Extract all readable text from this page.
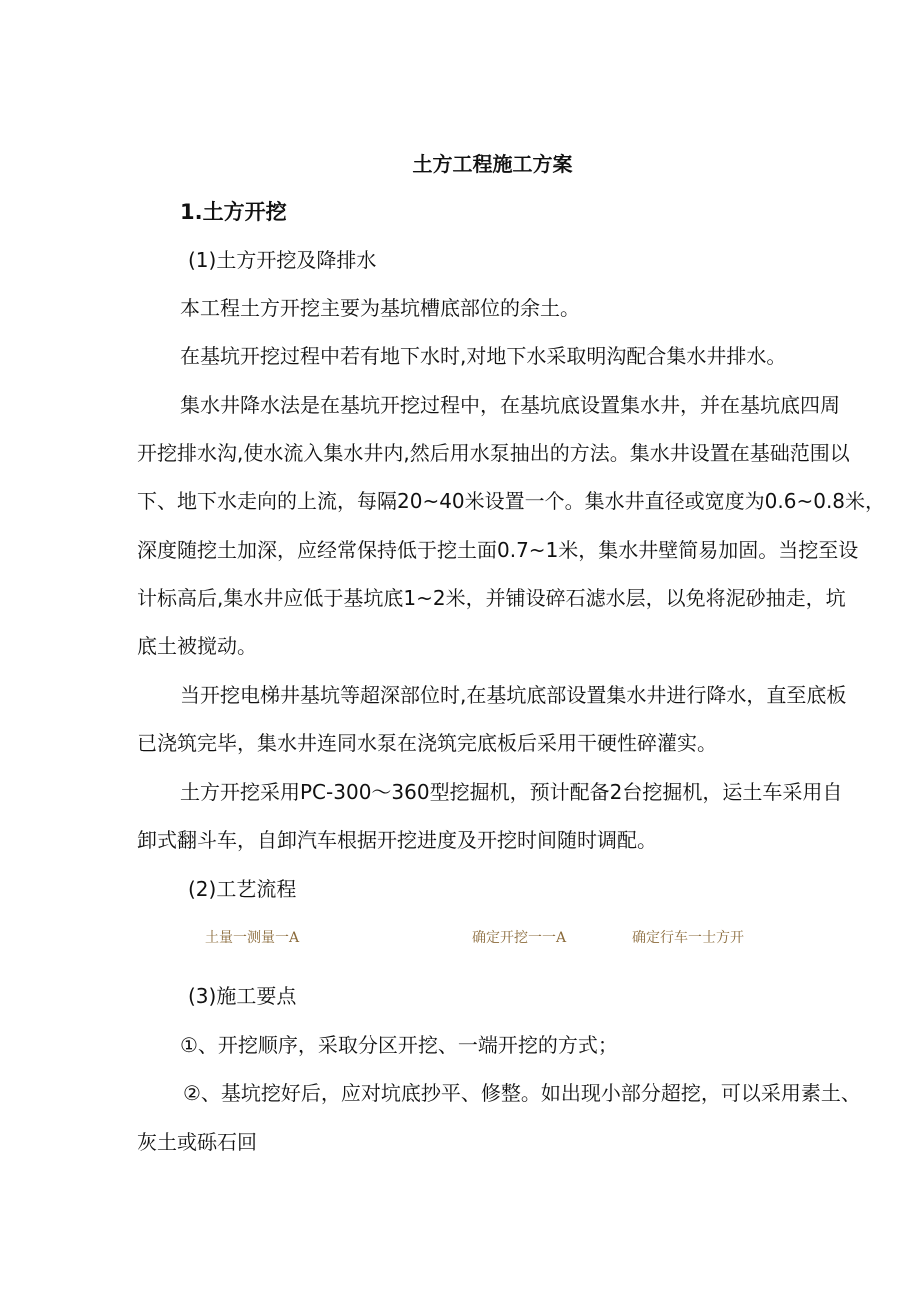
土方工程施工方案
1.土方开挖
(1)土方开挖及降排水
本工程土方开挖主要为基坑槽底部位的余土。
在基坑开挖过程中若有地下水时,对地下水采取明沟配合集水井排水。
集水井降水法是在基坑开挖过程中，在基坑底设置集水井，并在基坑底四周
开挖排水沟,使水流入集水井内,然后用水泵抽出的方法。集水井设置在基础范围以
下、地下水走向的上流，每隔20~40米设置一个。集水井直径或宽度为0.6~0.8米，
深度随挖土加深，应经常保持低于挖土面0.7~1米，集水井壁简易加固。当挖至设
计标高后,集水井应低于基坑底1~2米，并铺设碎石滤水层，以免将泥砂抽走，坑
底土被搅动。
当开挖电梯井基坑等超深部位时,在基坑底部设置集水井进行降水，直至底板
已浇筑完毕，集水井连同水泵在浇筑完底板后采用干硬性碎灌实。
土方开挖采用PC-300～360型挖掘机，预计配备2台挖掘机，运土车采用自
卸式翻斗车，自卸汽车根据开挖进度及开挖时间随时调配。
(2)工艺流程
土量一测量一A	确定开挖一一A	确定行车一士方开
(3)施工要点
①、开挖顺序，采取分区开挖、一端开挖的方式；
②、基坑挖好后，应对坑底抄平、修整。如出现小部分超挖，可以采用素土、
灰土或砾石回
